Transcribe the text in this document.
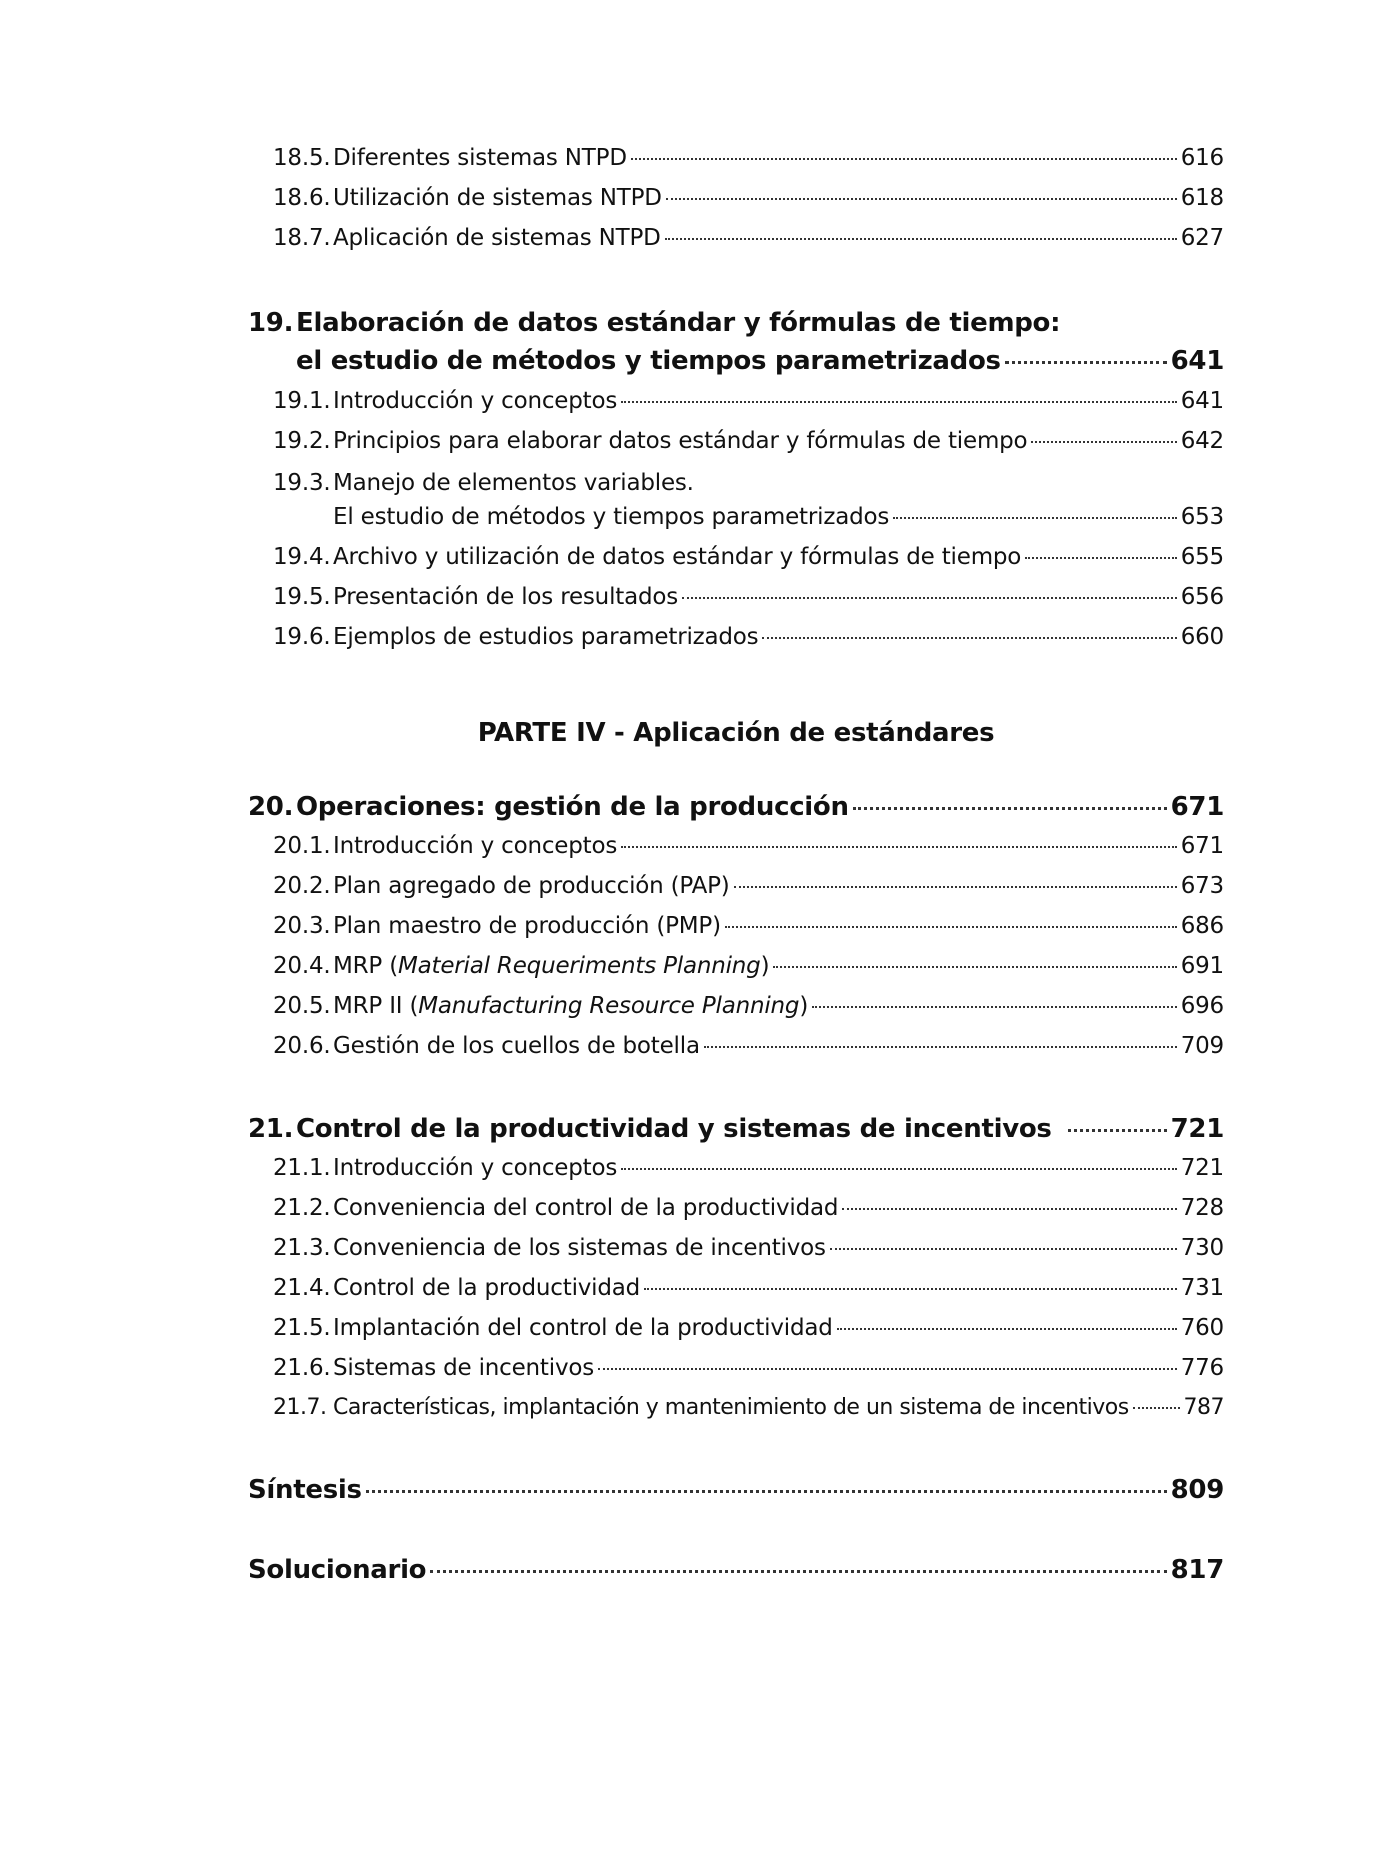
18.5. Diferentes sistemas NTPD	616
18.6. Utilización de sistemas NTPD	618
18.7. Aplicación de sistemas NTPD	627
19. Elaboración de datos estándar y fórmulas de tiempo:
el estudio de métodos y tiempos parametrizados	641
19.1. Introducción y conceptos	641
19.2. Principios para elaborar datos estándar y fórmulas de tiempo	642
19.3. Manejo de elementos variables.
El estudio de métodos y tiempos parametrizados	653
19.4. Archivo y utilización de datos estándar y fórmulas de tiempo	655
19.5. Presentación de los resultados	656
19.6. Ejemplos de estudios parametrizados	660
20. Operaciones: gestión de la producción	671
20.1. Introducción y conceptos	671
20.2. Plan agregado de producción (PAP)	673
20.3. Plan maestro de producción (PMP)	686
20.4. MRP (Material Requeriments Planning)	691
20.5. MRP II (Manufacturing Resource Planning)	696
20.6. Gestión de los cuellos de botella	709
21. Control de la productividad y sistemas de incentivos	721
21.1. Introducción y conceptos	721
21.2. Conveniencia del control de la productividad	728
21.3. Conveniencia de los sistemas de incentivos	730
21.4. Control de la productividad	731
21.5. Implantación del control de la productividad	760
21.6. Sistemas de incentivos	776
21.7. Características, implantación y mantenimiento de un sistema de incentivos 787
Síntesis	809
Solucionario	817
PARTE IV - Aplicación de estándares
